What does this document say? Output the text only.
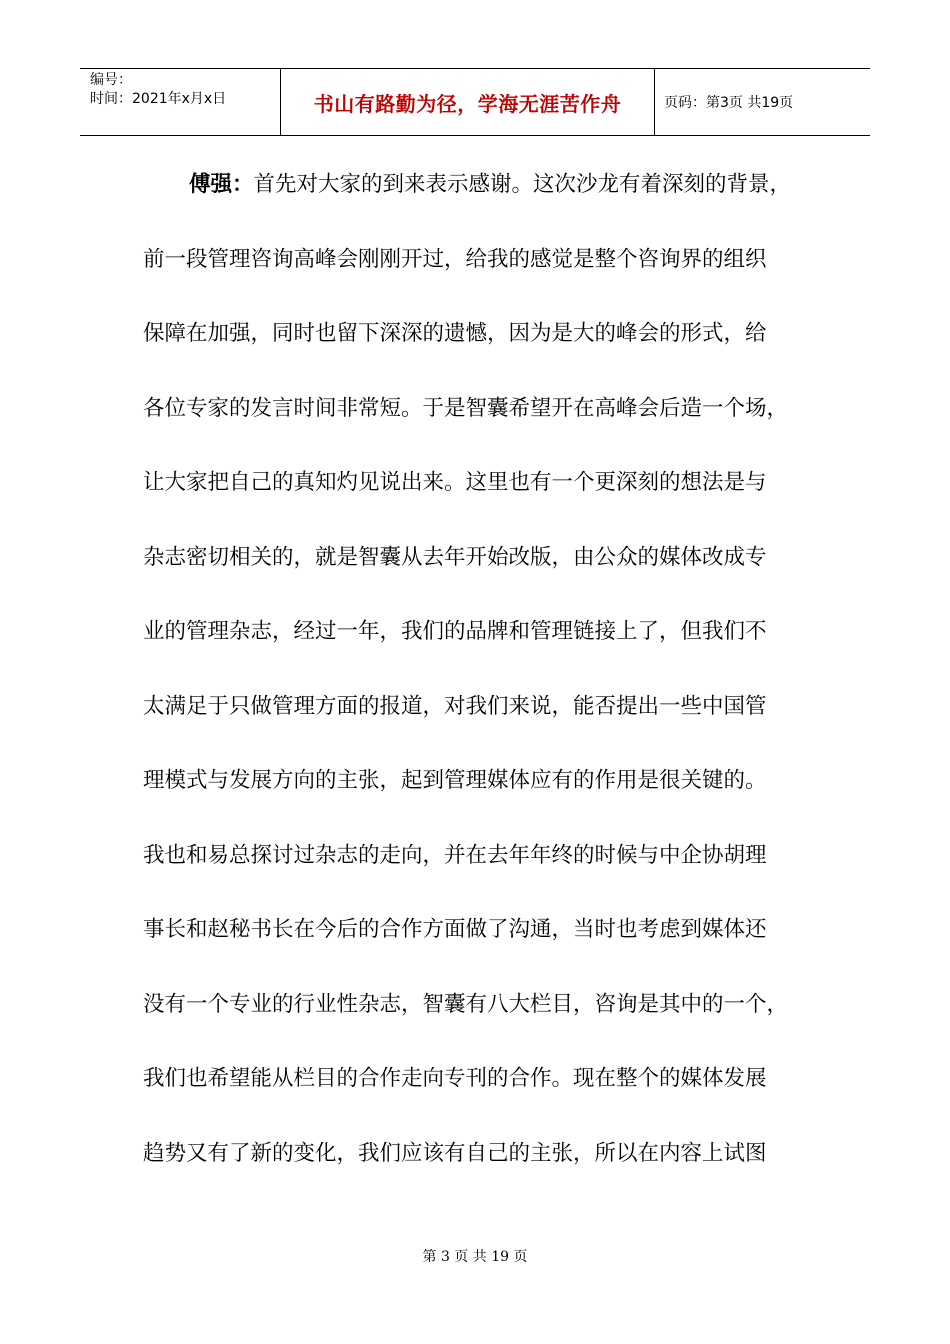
编号：
时间：2021年x月x日	书山有路勤为径，学海无涯苦作舟	页码：第3页 共19页
傅强：首先对大家的到来表示感谢。这次沙龙有着深刻的背景，
前一段管理咨询高峰会刚刚开过，给我的感觉是整个咨询界的组织
保障在加强，同时也留下深深的遗憾，因为是大的峰会的形式，给
各位专家的发言时间非常短。于是智囊希望开在高峰会后造一个场，
让大家把自己的真知灼见说出来。这里也有一个更深刻的想法是与
杂志密切相关的，就是智囊从去年开始改版，由公众的媒体改成专
业的管理杂志，经过一年，我们的品牌和管理链接上了，但我们不
太满足于只做管理方面的报道，对我们来说，能否提出一些中国管
理模式与发展方向的主张，起到管理媒体应有的作用是很关键的。
我也和易总探讨过杂志的走向，并在去年年终的时候与中企协胡理
事长和赵秘书长在今后的合作方面做了沟通，当时也考虑到媒体还
没有一个专业的行业性杂志，智囊有八大栏目，咨询是其中的一个，
我们也希望能从栏目的合作走向专刊的合作。现在整个的媒体发展
趋势又有了新的变化，我们应该有自己的主张，所以在内容上试图
第 3 页 共 19 页
